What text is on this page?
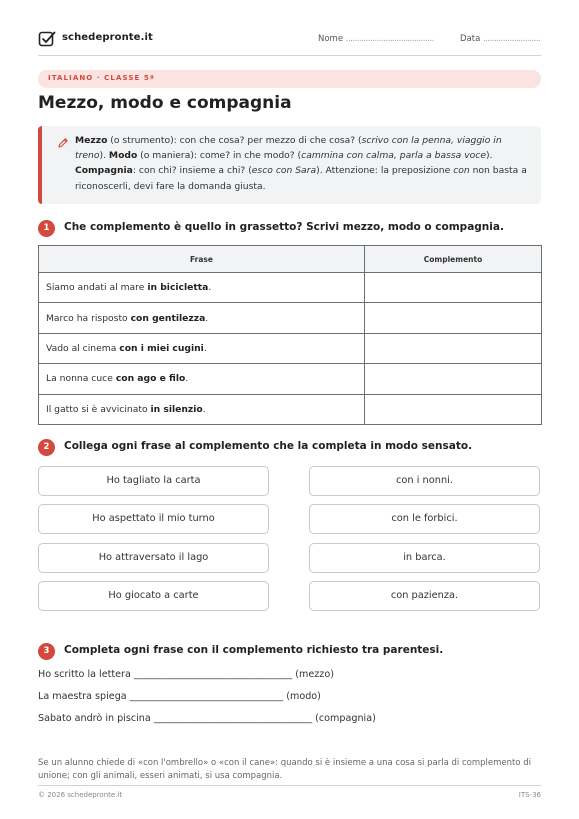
schedepronte.it	Nome ........................................	Data ..........................
ITALIANO · CLASSE 5ª
Mezzo, modo e compagnia
Mezzo (o strumento): con che cosa? per mezzo di che cosa? (scrivo con la penna, viaggio in treno). Modo (o maniera): come? in che modo? (cammina con calma, parla a bassa voce). Compagnia: con chi? insieme a chi? (esco con Sara). Attenzione: la preposizione con non basta a riconoscerli, devi fare la domanda giusta.
1	Che complemento è quello in grassetto? Scrivi mezzo, modo o compagnia.
Frase	Complemento
Siamo andati al mare in bicicletta.	
Marco ha risposto con gentilezza.	
Vado al cinema con i miei cugini.	
La nonna cuce con ago e filo.	
Il gatto si è avvicinato in silenzio.	
2	Collega ogni frase al complemento che la completa in modo sensato.
Ho tagliato la carta
Ho aspettato il mio turno
Ho attraversato il lago
Ho giocato a carte
con i nonni.
con le forbici.
in barca.
con pazienza.
3	Completa ogni frase con il complemento richiesto tra parentesi.
Ho scritto la lettera _________________________________ (mezzo)
La maestra spiega ________________________________ (modo)
Sabato andrò in piscina _________________________________ (compagnia)
Se un alunno chiede di «con l'ombrello» o «con il cane»: quando si è insieme a una cosa si parla di complemento di unione; con gli animali, esseri animati, si usa compagnia.
© 2026 schedepronte.it	ITS-36
